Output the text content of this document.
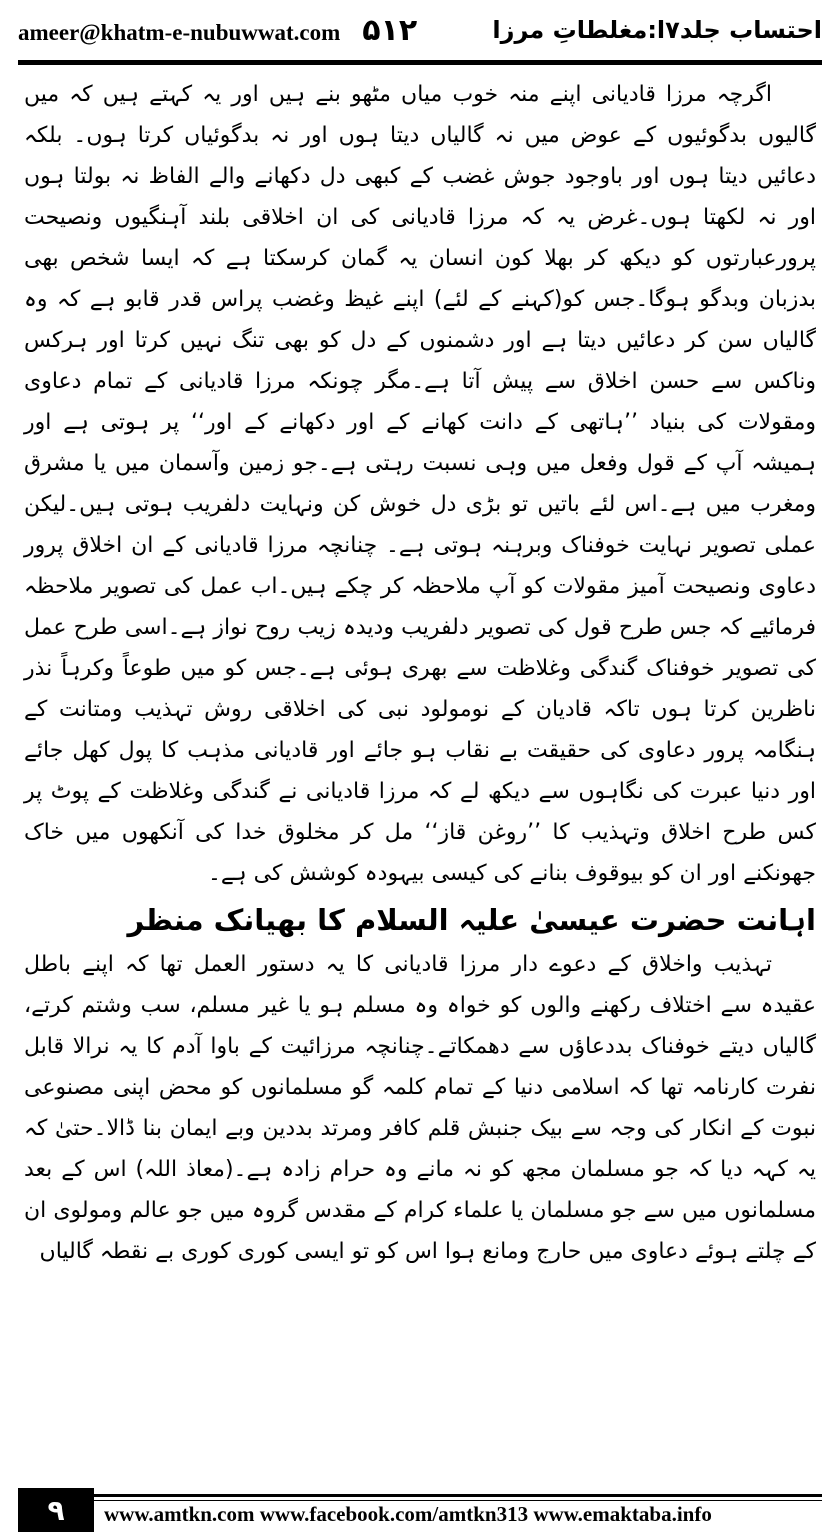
ameer@khatm-e-nubuwwat.com ۵۱۲	احتساب جلد۷ا:مغلطاتِ مرزا

اگرچہ مرزا قادیانی اپنے منہ خوب میاں مٹھو بنے ہیں اور یہ کہتے ہیں کہ میں گالیوں بدگوئیوں کے عوض میں نہ گالیاں دیتا ہوں اور نہ بدگوئیاں کرتا ہوں۔ بلکہ دعائیں دیتا ہوں اور باوجود جوش غضب کے کبھی دل دکھانے والے الفاظ نہ بولتا ہوں اور نہ لکھتا ہوں۔غرض یہ کہ مرزا قادیانی کی ان اخلاقی بلند آہنگیوں ونصیحت پرورعبارتوں کو دیکھ کر بھلا کون انسان یہ گمان کرسکتا ہے کہ ایسا شخص بھی بدزبان وبدگو ہوگا۔جس کو(کہنے کے لئے) اپنے غیظ وغضب پراس قدر قابو ہے کہ وہ گالیاں سن کر دعائیں دیتا ہے اور دشمنوں کے دل کو بھی تنگ نہیں کرتا اور ہرکس وناکس سے حسن اخلاق سے پیش آتا ہے۔مگر چونکہ مرزا قادیانی کے تمام دعاوی ومقولات کی بنیاد ’’ہاتھی کے دانت کھانے کے اور دکھانے کے اور‘‘ پر ہوتی ہے اور ہمیشہ آپ کے قول وفعل میں وہی نسبت رہتی ہے۔جو زمین وآسمان میں یا مشرق ومغرب میں ہے۔اس لئے باتیں تو بڑی دل خوش کن ونہایت دلفریب ہوتی ہیں۔لیکن عملی تصویر نہایت خوفناک وبرہنہ ہوتی ہے۔ چنانچہ مرزا قادیانی کے ان اخلاق پرور دعاوی ونصیحت آمیز مقولات کو آپ ملاحظہ کر چکے ہیں۔اب عمل کی تصویر ملاحظہ فرمائیے کہ جس طرح قول کی تصویر دلفریب ودیدہ زیب روح نواز ہے۔اسی طرح عمل کی تصویر خوفناک گندگی وغلاظت سے بھری ہوئی ہے۔جس کو میں طوعاً وکرہاً نذر ناظرین کرتا ہوں تاکہ قادیان کے نومولود نبی کی اخلاقی روش تہذیب ومتانت کے ہنگامہ پرور دعاوی کی حقیقت بے نقاب ہو جائے اور قادیانی مذہب کا پول کھل جائے اور دنیا عبرت کی نگاہوں سے دیکھ لے کہ مرزا قادیانی نے گندگی وغلاظت کے پوٹ پر کس طرح اخلاق وتہذیب کا ’’روغن قاز‘‘ مل کر مخلوق خدا کی آنکھوں میں خاک جھونکنے اور ان کو بیوقوف بنانے کی کیسی بیہودہ کوشش کی ہے۔

اہانت حضرت عیسیٰ علیہ السلام کا بھیانک منظر

تہذیب واخلاق کے دعوے دار مرزا قادیانی کا یہ دستور العمل تھا کہ اپنے باطل عقیدہ سے اختلاف رکھنے والوں کو خواہ وہ مسلم ہو یا غیر مسلم، سب وشتم کرتے، گالیاں دیتے خوفناک بددعاؤں سے دھمکاتے۔چنانچہ مرزائیت کے باوا آدم کا یہ نرالا قابل نفرت کارنامہ تھا کہ اسلامی دنیا کے تمام کلمہ گو مسلمانوں کو محض اپنی مصنوعی نبوت کے انکار کی وجہ سے بیک جنبش قلم کافر ومرتد بددین وبے ایمان بنا ڈالا۔حتیٰ کہ یہ کہہ دیا کہ جو مسلمان مجھ کو نہ مانے وہ حرام زادہ ہے۔(معاذ اللہ) اس کے بعد مسلمانوں میں سے جو مسلمان یا علماء کرام کے مقدس گروہ میں جو عالم ومولوی ان کے چلتے ہوئے دعاوی میں حارج ومانع ہوا اس کو تو ایسی کوری کوری بے نقطہ گالیاں

۹	www.amtkn.com www.facebook.com/amtkn313 www.emaktaba.info
